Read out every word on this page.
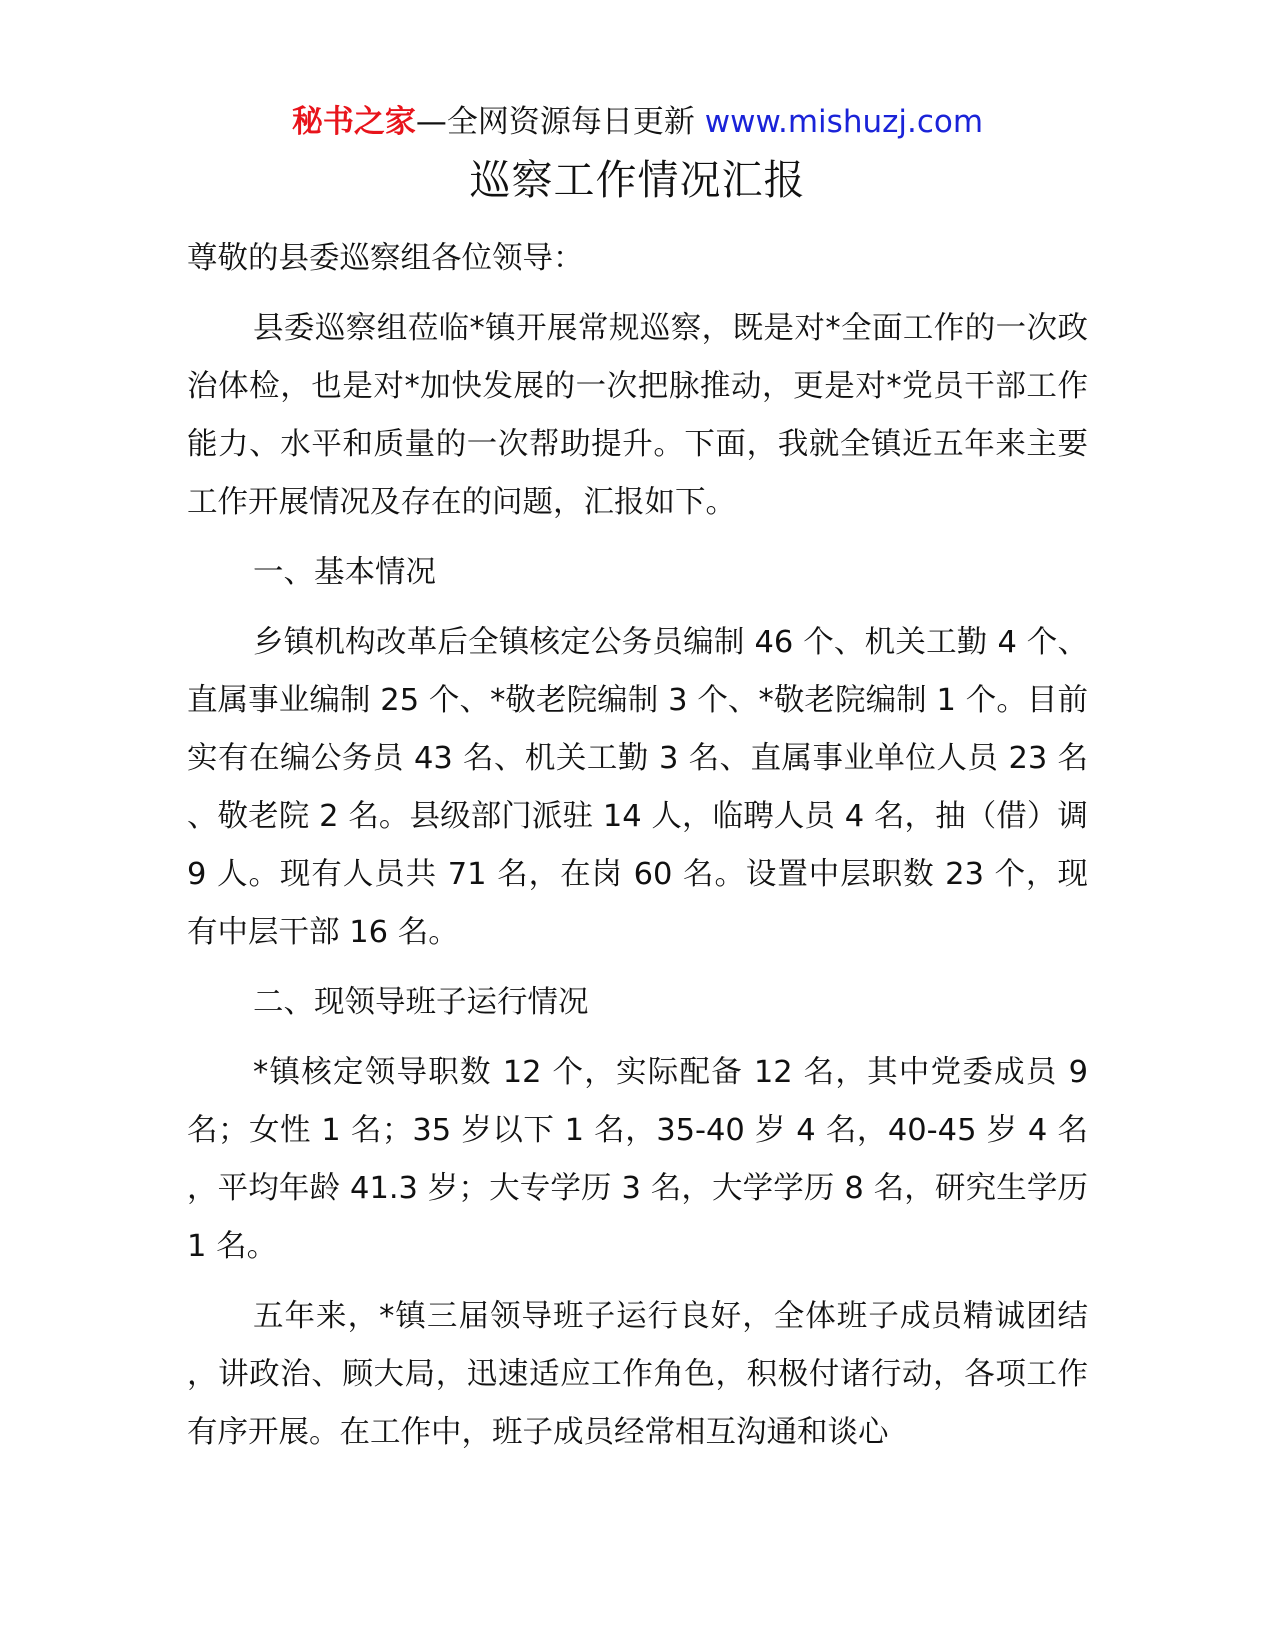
秘书之家—全网资源每日更新 www.mishuzj.com
巡察工作情况汇报

尊敬的县委巡察组各位领导：

县委巡察组莅临*镇开展常规巡察，既是对*全面工作的一次政治体检，也是对*加快发展的一次把脉推动，更是对*党员干部工作能力、水平和质量的一次帮助提升。下面，我就全镇近五年来主要工作开展情况及存在的问题，汇报如下。

一、基本情况

乡镇机构改革后全镇核定公务员编制 46 个、机关工勤 4 个、直属事业编制 25 个、*敬老院编制 3 个、*敬老院编制 1 个。目前实有在编公务员 43 名、机关工勤 3 名、直属事业单位人员 23 名、敬老院 2 名。县级部门派驻 14 人，临聘人员 4 名，抽（借）调 9 人。现有人员共 71 名，在岗 60 名。设置中层职数 23 个，现有中层干部 16 名。

二、现领导班子运行情况

*镇核定领导职数 12 个，实际配备 12 名，其中党委成员 9 名；女性 1 名；35 岁以下 1 名，35-40 岁 4 名，40-45 岁 4 名，平均年龄 41.3 岁；大专学历 3 名，大学学历 8 名，研究生学历 1 名。

五年来，*镇三届领导班子运行良好，全体班子成员精诚团结，讲政治、顾大局，迅速适应工作角色，积极付诸行动，各项工作有序开展。在工作中，班子成员经常相互沟通和谈心
